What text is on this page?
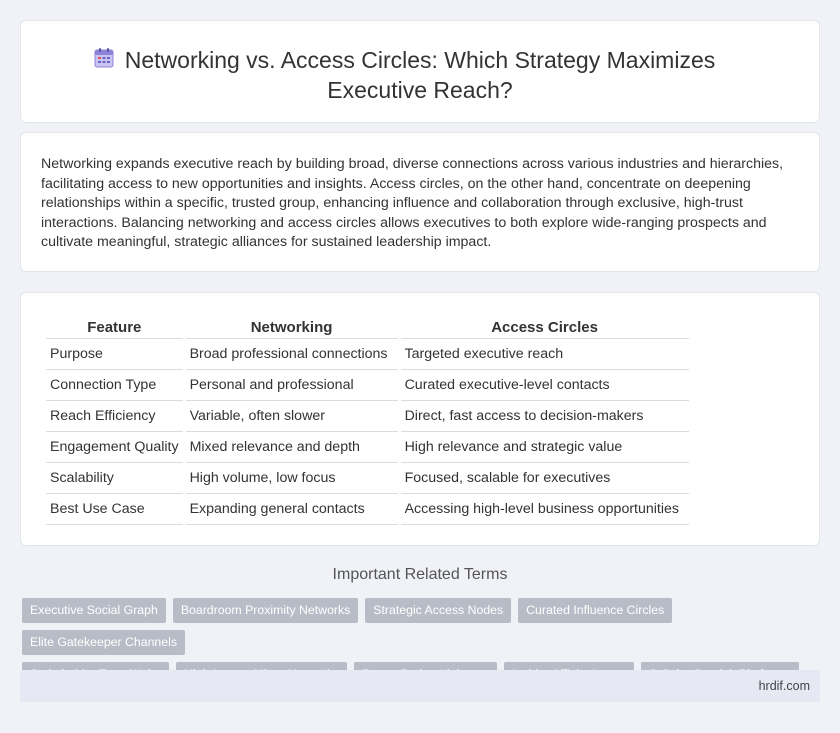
Networking vs. Access Circles: Which Strategy Maximizes Executive Reach?

Networking expands executive reach by building broad, diverse connections across various industries and hierarchies, facilitating access to new opportunities and insights. Access circles, on the other hand, concentrate on deepening relationships within a specific, trusted group, enhancing influence and collaboration through exclusive, high-trust interactions. Balancing networking and access circles allows executives to both explore wide-ranging prospects and cultivate meaningful, strategic alliances for sustained leadership impact.

Feature	Networking	Access Circles
Purpose	Broad professional connections	Targeted executive reach
Connection Type	Personal and professional	Curated executive-level contacts
Reach Efficiency	Variable, often slower	Direct, fast access to decision-makers
Engagement Quality	Mixed relevance and depth	High relevance and strategic value
Scalability	High volume, low focus	Focused, scalable for executives
Best Use Case	Expanding general contacts	Accessing high-level business opportunities
Important Related Terms
Executive Social Graph Boardroom Proximity Networks Strategic Access Nodes Curated Influence CirclesElite Gatekeeper Channels

hrdif.com
